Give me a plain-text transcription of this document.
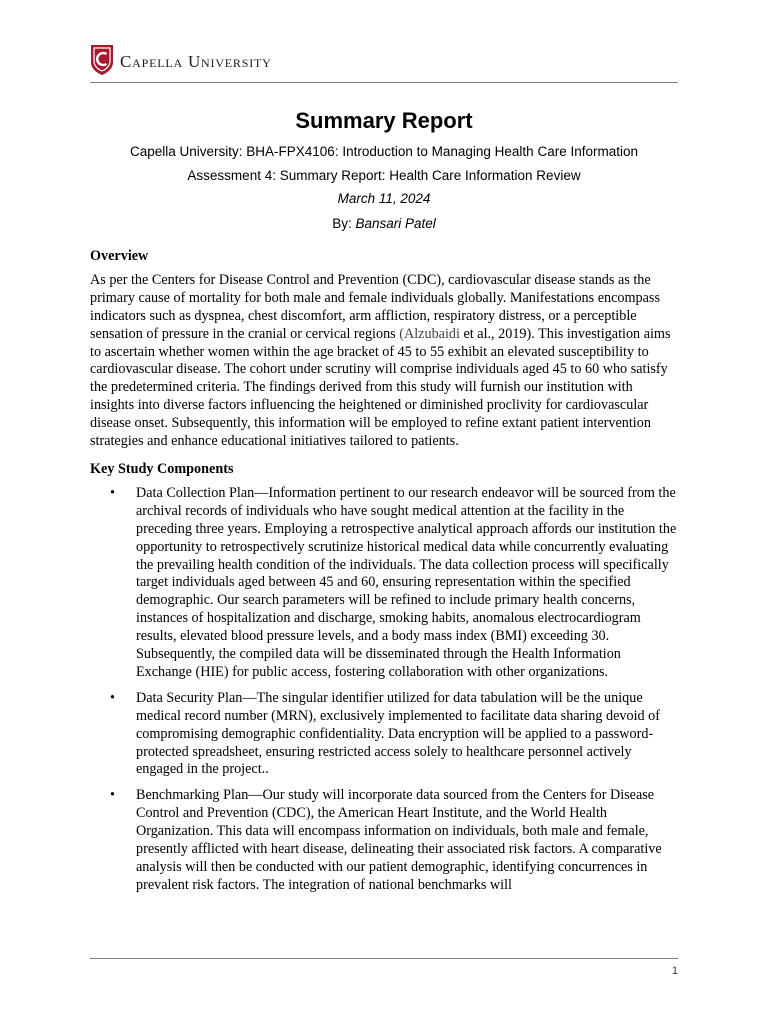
Capella University
Summary Report
Capella University: BHA-FPX4106: Introduction to Managing Health Care Information
Assessment 4: Summary Report: Health Care Information Review
March 11, 2024
By: Bansari Patel
Overview

As per the Centers for Disease Control and Prevention (CDC), cardiovascular disease stands as the primary cause of mortality for both male and female individuals globally. Manifestations encompass indicators such as dyspnea, chest discomfort, arm affliction, respiratory distress, or a perceptible sensation of pressure in the cranial or cervical regions (Alzubaidi et al., 2019). This investigation aims to ascertain whether women within the age bracket of 45 to 55 exhibit an elevated susceptibility to cardiovascular disease. The cohort under scrutiny will comprise individuals aged 45 to 60 who satisfy the predetermined criteria. The findings derived from this study will furnish our institution with insights into diverse factors influencing the heightened or diminished proclivity for cardiovascular disease onset. Subsequently, this information will be employed to refine extant patient intervention strategies and enhance educational initiatives tailored to patients.

Key Study Components
• Data Collection Plan—Information pertinent to our research endeavor will be sourced from the archival records of individuals who have sought medical attention at the facility in the preceding three years. Employing a retrospective analytical approach affords our institution the opportunity to retrospectively scrutinize historical medical data while concurrently evaluating the prevailing health condition of the individuals. The data collection process will specifically target individuals aged between 45 and 60, ensuring representation within the specified demographic. Our search parameters will be refined to include primary health concerns, instances of hospitalization and discharge, smoking habits, anomalous electrocardiogram results, elevated blood pressure levels, and a body mass index (BMI) exceeding 30. Subsequently, the compiled data will be disseminated through the Health Information Exchange (HIE) for public access, fostering collaboration with other organizations.
• Data Security Plan—The singular identifier utilized for data tabulation will be the unique medical record number (MRN), exclusively implemented to facilitate data sharing devoid of compromising demographic confidentiality. Data encryption will be applied to a password-protected spreadsheet, ensuring restricted access solely to healthcare personnel actively engaged in the project..
• Benchmarking Plan—Our study will incorporate data sourced from the Centers for Disease Control and Prevention (CDC), the American Heart Institute, and the World Health Organization. This data will encompass information on individuals, both male and female, presently afflicted with heart disease, delineating their associated risk factors. A comparative analysis will then be conducted with our patient demographic, identifying concurrences in prevalent risk factors. The integration of national benchmarks will
1
